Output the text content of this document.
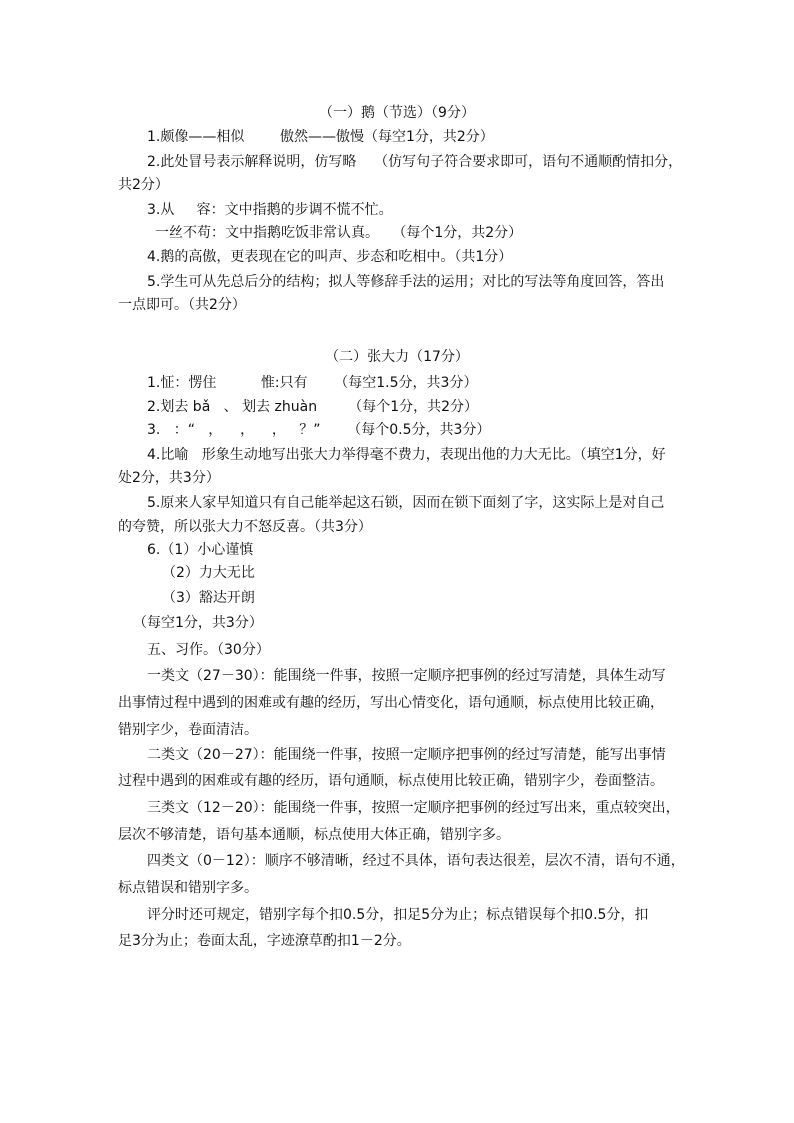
（一）鹅（节选）（9分）
1.颇像——相似        傲然——傲慢（每空1分，共2分）
2.此处冒号表示解释说明，仿写略    （仿写句子符合要求即可，语句不通顺酌情扣分，
共2分）
3.从     容：文中指鹅的步调不慌不忙。
一丝不苟：文中指鹅吃饭非常认真。   （每个1分，共2分）
4.鹅的高傲，更表现在它的叫声、步态和吃相中。（共1分）
5.学生可从先总后分的结构；拟人等修辞手法的运用；对比的写法等角度回答，答出
一点即可。（共2分）
（二）张大力（17分）
1.怔：愣住          惟:只有      （每空1.5分，共3分）
2.划去 bǎ   、 划去 zhuàn       （每个1分，共2分）
3.   ：“   ，    ，    ，   ？”      （每个0.5分，共3分）
4.比喻   形象生动地写出张大力举得毫不费力，表现出他的力大无比。（填空1分，好
处2分，共3分）
5.原来人家早知道只有自己能举起这石锁，因而在锁下面刻了字，这实际上是对自己
的夸赞，所以张大力不怒反喜。（共3分）
6.（1）小心谨慎
（2）力大无比
（3）豁达开朗
（每空1分，共3分）
五、习作。（30分）
一类文（27－30）：能围绕一件事，按照一定顺序把事例的经过写清楚，具体生动写
出事情过程中遇到的困难或有趣的经历，写出心情变化，语句通顺，标点使用比较正确，
错别字少，卷面清洁。
二类文（20－27）：能围绕一件事，按照一定顺序把事例的经过写清楚，能写出事情
过程中遇到的困难或有趣的经历，语句通顺，标点使用比较正确，错别字少，卷面整洁。
三类文（12－20）：能围绕一件事，按照一定顺序把事例的经过写出来，重点较突出，
层次不够清楚，语句基本通顺，标点使用大体正确，错别字多。
四类文（0－12）：顺序不够清晰，经过不具体，语句表达很差，层次不清，语句不通，
标点错误和错别字多。
评分时还可规定，错别字每个扣0.5分，扣足5分为止；标点错误每个扣0.5分，扣
足3分为止；卷面太乱，字迹潦草酌扣1－2分。
